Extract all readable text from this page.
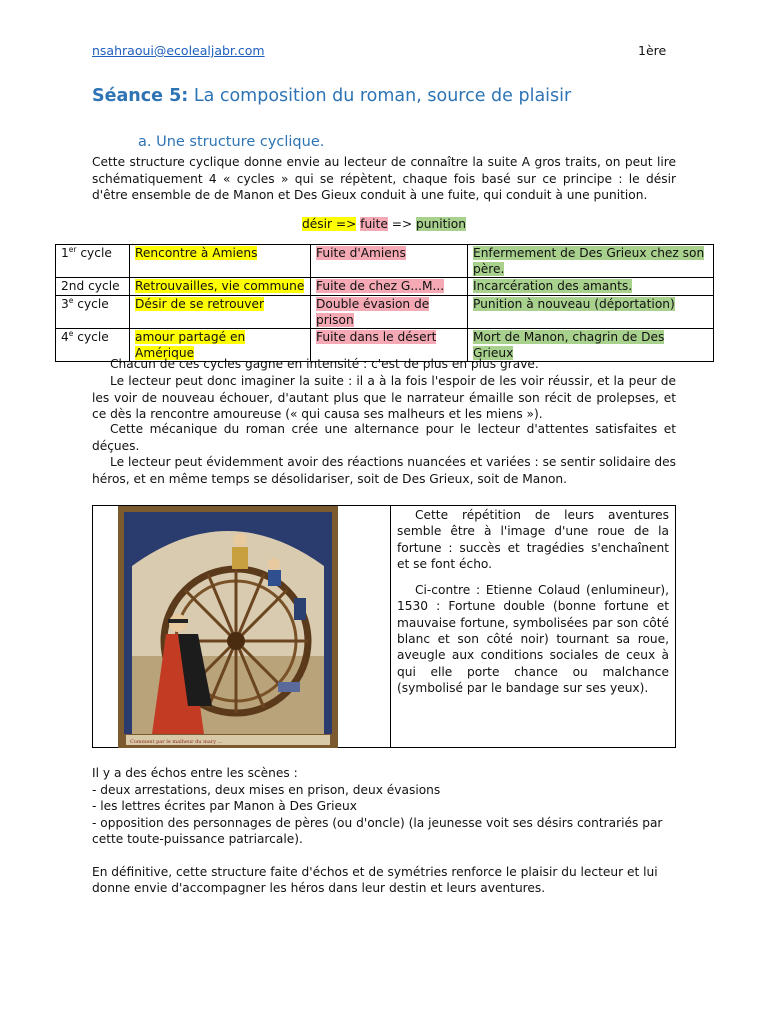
nsahraoui@ecolealjabr.com	1ère
Séance 5: La composition du roman, source de plaisir
a. Une structure cyclique.
Cette structure cyclique donne envie au lecteur de connaître la suite A gros traits, on peut lire schématiquement 4 « cycles » qui se répètent, chaque fois basé sur ce principe : le désir d'être ensemble de de Manon et Des Gieux conduit à une fuite, qui conduit à une punition.
désir => fuite => punition
1er cycle	Rencontre à Amiens	Fuite d'Amiens	Enfermement de Des Grieux chez son père.
2nd cycle	Retrouvailles, vie commune	Fuite de chez G...M...	Incarcération des amants.
3e cycle	Désir de se retrouver	Double évasion de prison	Punition à nouveau (déportation)
4e cycle	amour partagé en Amérique	Fuite dans le désert	Mort de Manon, chagrin de Des Grieux
Chacun de ces cycles gagne en intensité : c'est de plus en plus grave.
Le lecteur peut donc imaginer la suite : il a à la fois l'espoir de les voir réussir, et la peur de les voir de nouveau échouer, d'autant plus que le narrateur émaille son récit de prolepses, et ce dès la rencontre amoureuse (« qui causa ses malheurs et les miens »).
Cette mécanique du roman crée une alternance pour le lecteur d'attentes satisfaites et déçues.
Le lecteur peut évidemment avoir des réactions nuancées et variées : se sentir solidaire des héros, et en même temps se désolidariser, soit de Des Grieux, soit de Manon.
Comment par le malheur du mary ...

Cette répétition de leurs aventures semble être à l'image d'une roue de la fortune : succès et tragédies s'enchaînent et se font écho.

Ci-contre : Etienne Colaud (enlumineur), 1530 : Fortune double (bonne fortune et mauvaise fortune, symbolisées par son côté blanc et son côté noir) tournant sa roue, aveugle aux conditions sociales de ceux à qui elle porte chance ou malchance (symbolisé par le bandage sur ses yeux).

Il y a des échos entre les scènes :
- deux arrestations, deux mises en prison, deux évasions
- les lettres écrites par Manon à Des Grieux
- opposition des personnages de pères (ou d'oncle) (la jeunesse voit ses désirs contrariés par cette toute-puissance patriarcale).
En définitive, cette structure faite d'échos et de symétries renforce le plaisir du lecteur et lui donne envie d'accompagner les héros dans leur destin et leurs aventures.
